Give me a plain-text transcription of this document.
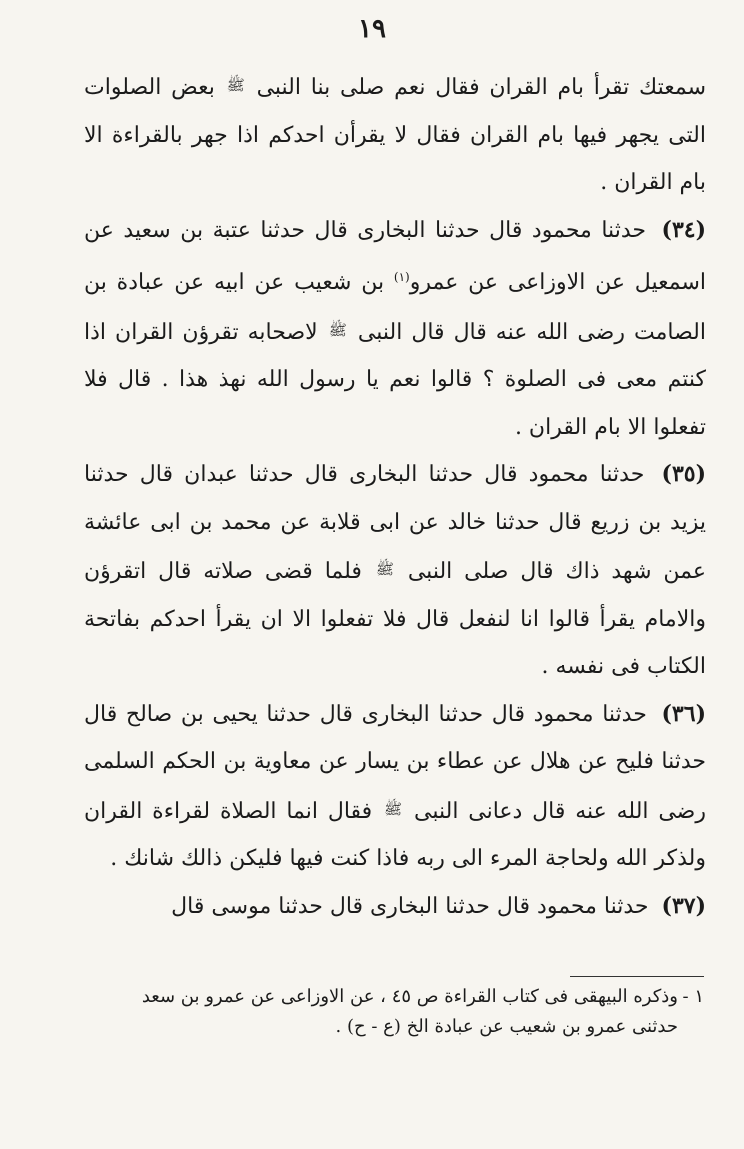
١٩

سمعتك تقرأ بام القران فقال نعم صلى بنا النبى ﷺ بعض الصلوات التى يجهر فيها بام القران فقال لا يقرأن احدكم اذا جهر بالقراءة الا بام القران .

(٣٤) حدثنا محمود قال حدثنا البخارى قال حدثنا عتبة بن سعيد عن اسمعيل عن الاوزاعى عن عمرو$^{(١)}$ بن شعيب عن ابيه عن عبادة بن الصامت رضى الله عنه قال قال النبى ﷺ لاصحابه تقرؤن القران اذا كنتم معى فى الصلوة ؟ قالوا نعم يا رسول الله نهذ هذا . قال فلا تفعلوا الا بام القران .

(٣٥) حدثنا محمود قال حدثنا البخارى قال حدثنا عبدان قال حدثنا يزيد بن زريع قال حدثنا خالد عن ابى قلابة عن محمد بن ابى عائشة عمن شهد ذاك قال صلى النبى ﷺ فلما قضى صلاته قال اتقرؤن والامام يقرأ قالوا انا لنفعل قال فلا تفعلوا الا ان يقرأ احدكم بفاتحة الكتاب فى نفسه .

(٣٦) حدثنا محمود قال حدثنا البخارى قال حدثنا يحيى بن صالح قال حدثنا فليح عن هلال عن عطاء بن يسار عن معاوية بن الحكم السلمى رضى الله عنه قال دعانى النبى ﷺ فقال انما الصلاة لقراءة القران ولذكر الله ولحاجة المرء الى ربه فاذا كنت فيها فليكن ذالك شانك .

(٣٧) حدثنا محمود قال حدثنا البخارى قال حدثنا موسى قال

١ -وذكره البيهقى فى كتاب القراءة ص ٤٥ ، عن الاوزاعى عن عمرو بن سعد
حدثنى عمرو بن شعيب عن عبادة الخ (ع - ح) .
